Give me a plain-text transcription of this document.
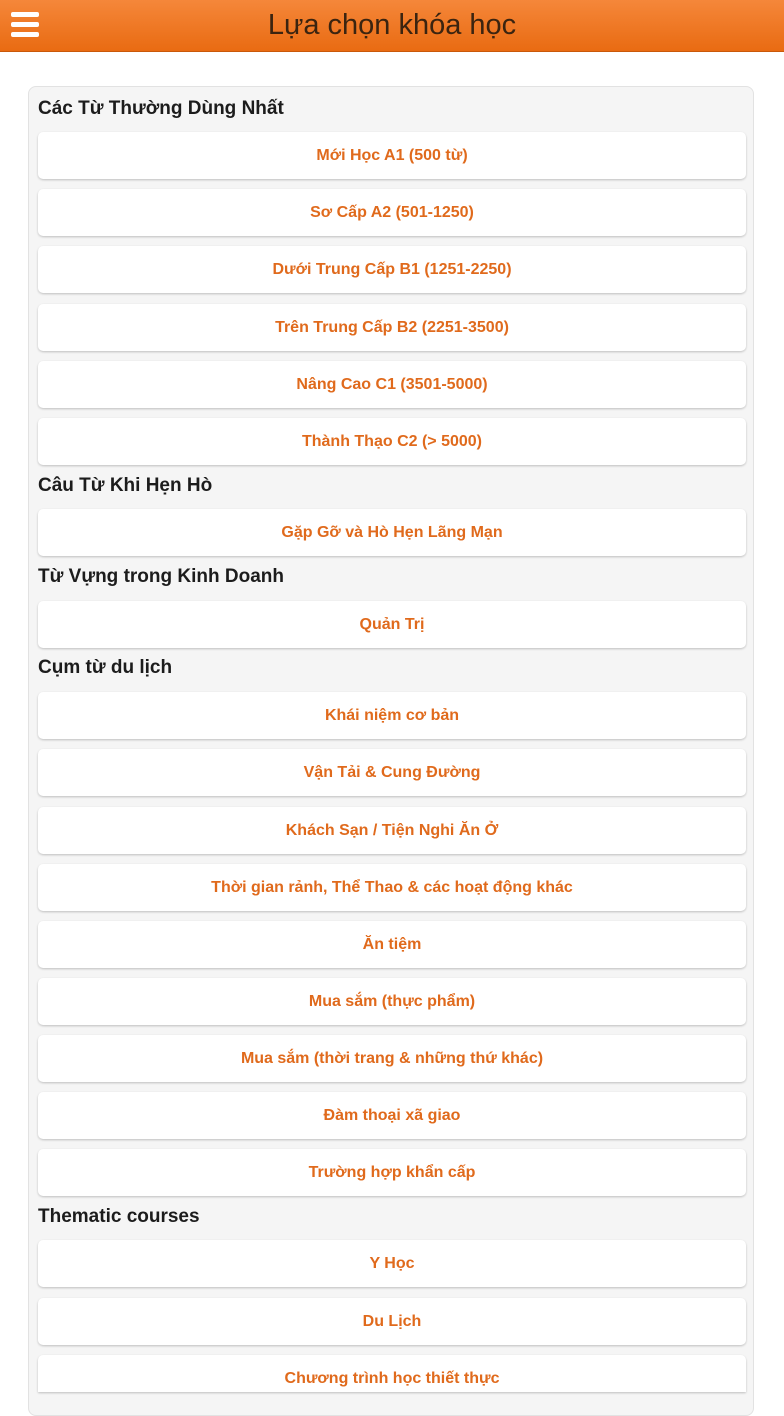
Lựa chọn khóa học
Các Từ Thường Dùng Nhất
Mới Học A1 (500 từ)
Sơ Cấp A2 (501-1250)
Dưới Trung Cấp B1 (1251-2250)
Trên Trung Cấp B2 (2251-3500)
Nâng Cao C1 (3501-5000)
Thành Thạo C2 (> 5000)
Câu Từ Khi Hẹn Hò
Gặp Gỡ và Hò Hẹn Lãng Mạn
Từ Vựng trong Kinh Doanh
Quản Trị
Cụm từ du lịch
Khái niệm cơ bản
Vận Tải & Cung Đường
Khách Sạn / Tiện Nghi Ăn Ở
Thời gian rảnh, Thể Thao & các hoạt động khác
Ăn tiệm
Mua sắm (thực phẩm)
Mua sắm (thời trang & những thứ khác)
Đàm thoại xã giao
Trường hợp khẩn cấp
Thematic courses
Y Học
Du Lịch
Chương trình học thiết thực
